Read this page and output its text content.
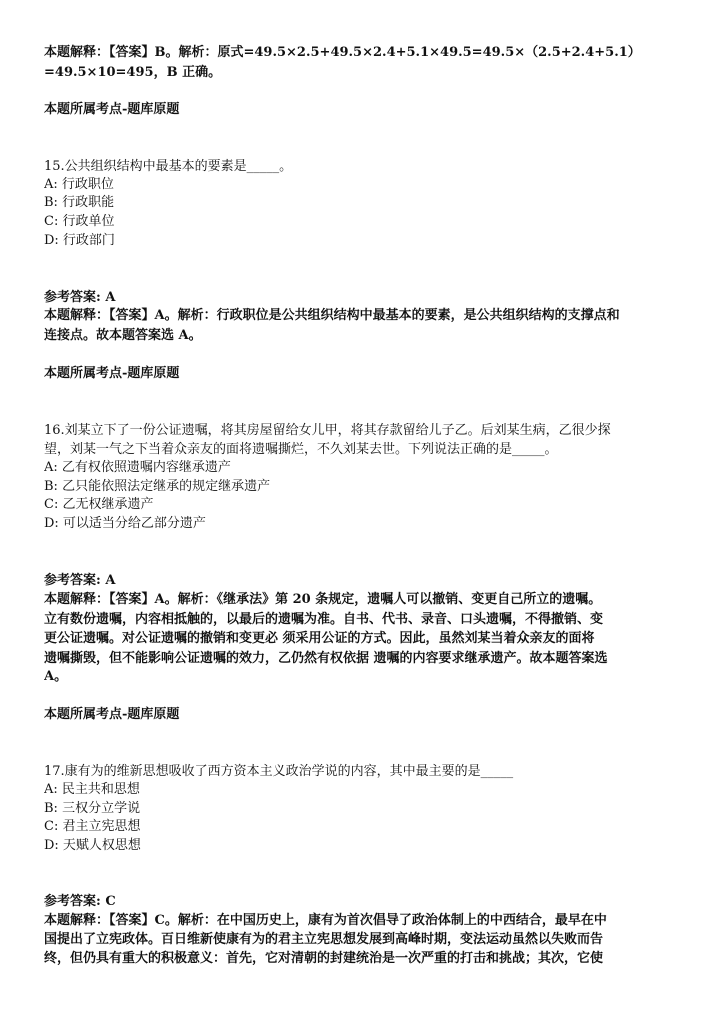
本题解释：【答案】B。解析：原式=49.5×2.5+49.5×2.4+5.1×49.5=49.5×（2.5+2.4+5.1）
=49.5×10=495，B 正确。
本题所属考点-题库原题
15.公共组织结构中最基本的要素是_____。
A: 行政职位
B: 行政职能
C: 行政单位
D: 行政部门
参考答案: A
本题解释：【答案】A。解析：行政职位是公共组织结构中最基本的要素，是公共组织结构的支撑点和
连接点。故本题答案选 A。
本题所属考点-题库原题
16.刘某立下了一份公证遗嘱，将其房屋留给女儿甲，将其存款留给儿子乙。后刘某生病，乙很少探
望，刘某一气之下当着众亲友的面将遗嘱撕烂，不久刘某去世。下列说法正确的是_____。
A: 乙有权依照遗嘱内容继承遗产
B: 乙只能依照法定继承的规定继承遗产
C: 乙无权继承遗产
D: 可以适当分给乙部分遗产
参考答案: A
本题解释：【答案】A。解析：《继承法》第 20 条规定，遗嘱人可以撤销、变更自己所立的遗嘱。
立有数份遗嘱，内容相抵触的，以最后的遗嘱为准。自书、代书、录音、口头遗嘱，不得撤销、变
更公证遗嘱。对公证遗嘱的撤销和变更必 须采用公证的方式。因此，虽然刘某当着众亲友的面将
遗嘱撕毁，但不能影响公证遗嘱的效力，乙仍然有权依据 遗嘱的内容要求继承遗产。故本题答案选
A。
本题所属考点-题库原题
17.康有为的维新思想吸收了西方资本主义政治学说的内容，其中最主要的是_____
A: 民主共和思想
B: 三权分立学说
C: 君主立宪思想
D: 天赋人权思想
参考答案: C
本题解释：【答案】C。解析：在中国历史上，康有为首次倡导了政治体制上的中西结合，最早在中
国提出了立宪政体。百日维新使康有为的君主立宪思想发展到高峰时期，变法运动虽然以失败而告
终，但仍具有重大的积极意义：首先，它对清朝的封建统治是一次严重的打击和挑战；其次，它使
